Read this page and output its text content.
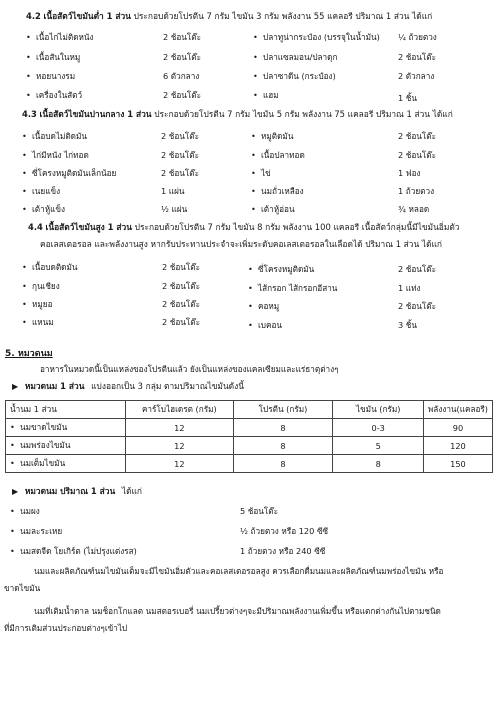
4.2 เนื้อสัตว์ไขมันต่ำ 1 ส่วน ประกอบด้วยโปรตีน 7 กรัม ไขมัน 3 กรัม พลังงาน 55 แคลอรี ปริมาณ 1 ส่วน ได้แก่
• เนื้อไก่ไม่ติดหนัง	2 ช้อนโต๊ะ
• เนื้อสันในหมู	2 ช้อนโต๊ะ
• หอยนางรม	6 ตัวกลาง
• เครื่องในสัตว์	2 ช้อนโต๊ะ
• ปลาทูน่ากระป๋อง (บรรจุในน้ำมัน) ¼ ถ้วยตวง
• ปลาแซลมอน/ปลาดุก	2 ช้อนโต๊ะ
• ปลาซาดีน (กระป๋อง)	2 ตัวกลาง
• แฮม	1 ชิ้น
4.3 เนื้อสัตว์ไขมันปานกลาง 1 ส่วน ประกอบด้วยโปรตีน 7 กรัม ไขมัน 5 กรัม พลังงาน 75 แคลอรี ปริมาณ 1 ส่วน ได้แก่
• เนื้อบดไม่ติดมัน	2 ช้อนโต๊ะ
• ไก่มีหนัง ไก่ทอด	2 ช้อนโต๊ะ
• ซี่โครงหมูติดมันเล็กน้อย	2 ช้อนโต๊ะ
• เนยแข็ง	1 แผ่น
• เต้าหู้แข็ง	½ แผ่น
• หมูติดมัน	2 ช้อนโต๊ะ
• เนื้อปลาทอด	2 ช้อนโต๊ะ
• ไข่	1 ฟอง
• นมถั่วเหลือง	1 ถ้วยตวง
• เต้าหู้อ่อน	¾ หลอด
4.4 เนื้อสัตว์ไขมันสูง 1 ส่วน ประกอบด้วยโปรตีน 7 กรัม ไขมัน 8 กรัม พลังงาน 100 แคลอรี เนื้อสัตว์กลุ่มนี้มีไขมันอิ่มตัว
คอเลสเตอรอล และพลังงานสูง หากรับประทานประจำจะเพิ่มระดับคอเลสเตอรอลในเลือดได้ ปริมาณ 1 ส่วน ได้แก่
• เนื้อบดติดมัน	2 ช้อนโต๊ะ
• กุนเชียง	2 ช้อนโต๊ะ
• หมูยอ	2 ช้อนโต๊ะ
• แหนม	2 ช้อนโต๊ะ
• ซี่โครงหมูติดมัน	2 ช้อนโต๊ะ
• ไส้กรอก ไส้กรอกอีสาน	1 แท่ง
• คอหมู	2 ช้อนโต๊ะ
• เบคอน	3 ชิ้น
5. หมวดนม
อาหารในหมวดนี้เป็นแหล่งของโปรตีนแล้ว ยังเป็นแหล่งของแคลเซียมและแร่ธาตุต่างๆ
▶ หมวดนม 1 ส่วน แบ่งออกเป็น 3 กลุ่ม ตามปริมาณไขมันดังนี้
น้ำนม 1 ส่วน	คาร์โบไฮเดรต (กรัม)	โปรตีน (กรัม)	ไขมัน (กรัม)	พลังงาน(แคลอรี)
• นมขาดไขมัน	12	8	0-3	90
• นมพร่องไขมัน	12	8	5	120
• นมเต็มไขมัน	12	8	8	150
▶ หมวดนม ปริมาณ 1 ส่วน ได้แก่
• นมผง	5 ช้อนโต๊ะ
• นมละระเหย	½ ถ้วยตวง หรือ 120 ซีซี
• นมสดจืด โยเกิร์ต (ไม่ปรุงแต่งรส)	1 ถ้วยตวง หรือ 240 ซีซี
นมและผลิตภัณฑ์นมไขมันเต็มจะมีไขมันอิ่มตัวและคอเลสเตอรอลสูง ควรเลือกดื่มนมและผลิตภัณฑ์นมพร่องไขมัน หรือ
ขาดไขมัน
นมที่เติมน้ำตาล นมช็อกโกแลต นมสตอรเบอรี่ นมเปรี้ยวต่างๆจะมีปริมาณพลังงานเพิ่มขึ้น หรือแตกต่างกันไปตามชนิด
ที่มีการเติมส่วนประกอบต่างๆเข้าไป
